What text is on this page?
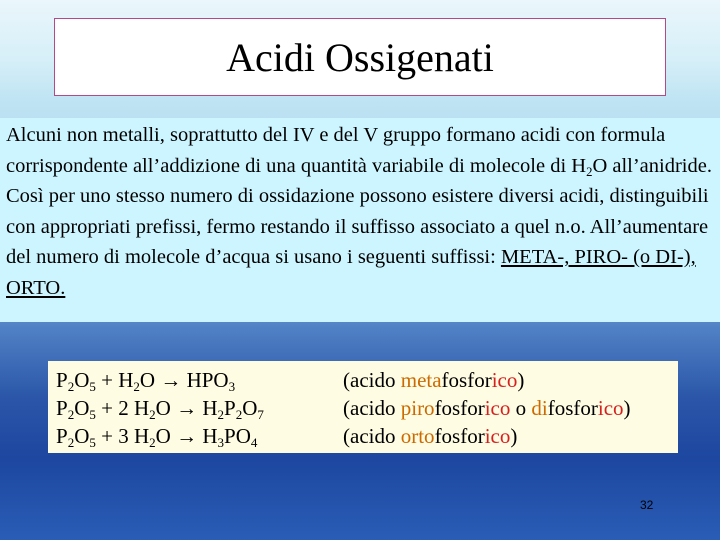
Acidi Ossigenati
Alcuni non metalli, soprattutto del IV e del V gruppo formano acidi con formula corrispondente all’addizione di una quantità variabile di molecole di $H_2O$ all’anidride. Così per uno stesso numero di ossidazione possono esistere diversi acidi, distinguibili con appropriati prefissi, fermo restando il suffisso associato a quel n.o. All’aumentare del numero di molecole d’acqua si usano i seguenti suffissi: META-, PIRO- (o DI-), ORTO.
$P_2O_5 + H_2O \to HPO_3$	(acido metafosforico)
$P_2O_5 + 2$ $H_2O \to H_2P_2O_7$	(acido pirofosforico o difosforico)
$P_2O_5 + 3$ $H_2O \to H_3PO_4$	(acido ortofosforico)
32
